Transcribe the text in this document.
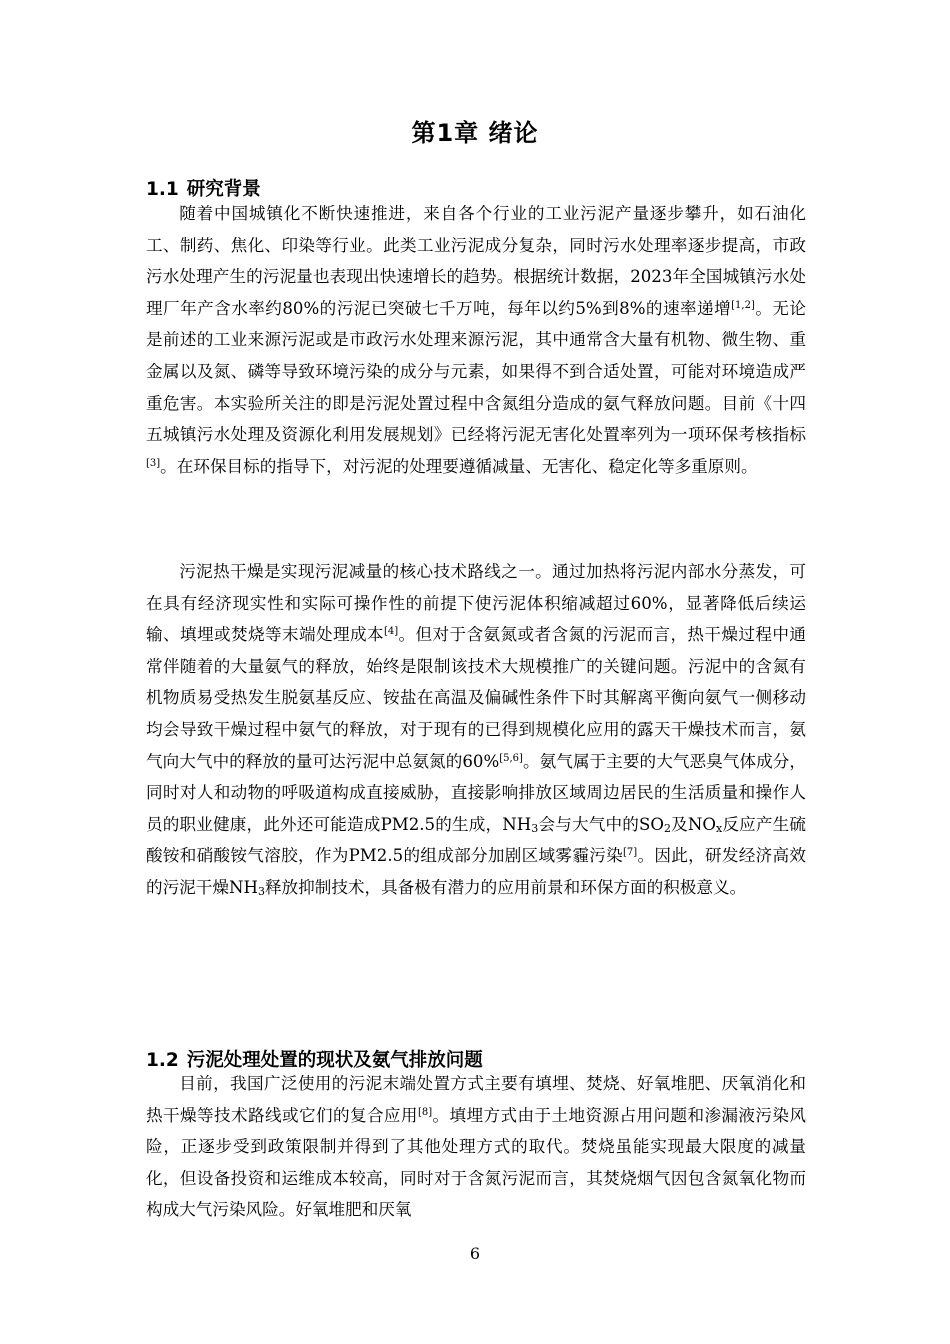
第1章 绪论
1.1 研究背景

随着中国城镇化不断快速推进，来自各个行业的工业污泥产量逐步攀升，如石油化工、制药、焦化、印染等行业。此类工业污泥成分复杂，同时污水处理率逐步提高，市政污水处理产生的污泥量也表现出快速增长的趋势。根据统计数据，2023年全国城镇污水处理厂年产含水率约80%的污泥已突破七千万吨，每年以约5%到8%的速率递增[1,2]。无论是前述的工业来源污泥或是市政污水处理来源污泥，其中通常含大量有机物、微生物、重金属以及氮、磷等导致环境污染的成分与元素，如果得不到合适处置，可能对环境造成严重危害。本实验所关注的即是污泥处置过程中含氮组分造成的氨气释放问题。目前《十四五城镇污水处理及资源化利用发展规划》已经将污泥无害化处置率列为一项环保考核指标[3]。在环保目标的指导下，对污泥的处理要遵循减量、无害化、稳定化等多重原则。

污泥热干燥是实现污泥减量的核心技术路线之一。通过加热将污泥内部水分蒸发，可在具有经济现实性和实际可操作性的前提下使污泥体积缩减超过60%，显著降低后续运输、填埋或焚烧等末端处理成本[4]。但对于含氨氮或者含氮的污泥而言，热干燥过程中通常伴随着的大量氨气的释放，始终是限制该技术大规模推广的关键问题。污泥中的含氮有机物质易受热发生脱氨基反应、铵盐在高温及偏碱性条件下时其解离平衡向氨气一侧移动均会导致干燥过程中氨气的释放，对于现有的已得到规模化应用的露天干燥技术而言，氨气向大气中的释放的量可达污泥中总氨氮的60%[5,6]。氨气属于主要的大气恶臭气体成分，同时对人和动物的呼吸道构成直接威胁，直接影响排放区域周边居民的生活质量和操作人员的职业健康，此外还可能造成PM2.5的生成，$NH_3$会与大气中的$SO_2$及$NO_x$反应产生硫酸铵和硝酸铵气溶胶，作为PM2.5的组成部分加剧区域雾霾污染[7]。因此，研发经济高效的污泥干燥$NH_3$释放抑制技术，具备极有潜力的应用前景和环保方面的积极意义。

1.2 污泥处理处置的现状及氨气排放问题

目前，我国广泛使用的污泥末端处置方式主要有填埋、焚烧、好氧堆肥、厌氧消化和热干燥等技术路线或它们的复合应用[8]。填埋方式由于土地资源占用问题和渗漏液污染风险，正逐步受到政策限制并得到了其他处理方式的取代。焚烧虽能实现最大限度的减量化，但设备投资和运维成本较高，同时对于含氮污泥而言，其焚烧烟气因包含氮氧化物而构成大气污染风险。好氧堆肥和厌氧

6
